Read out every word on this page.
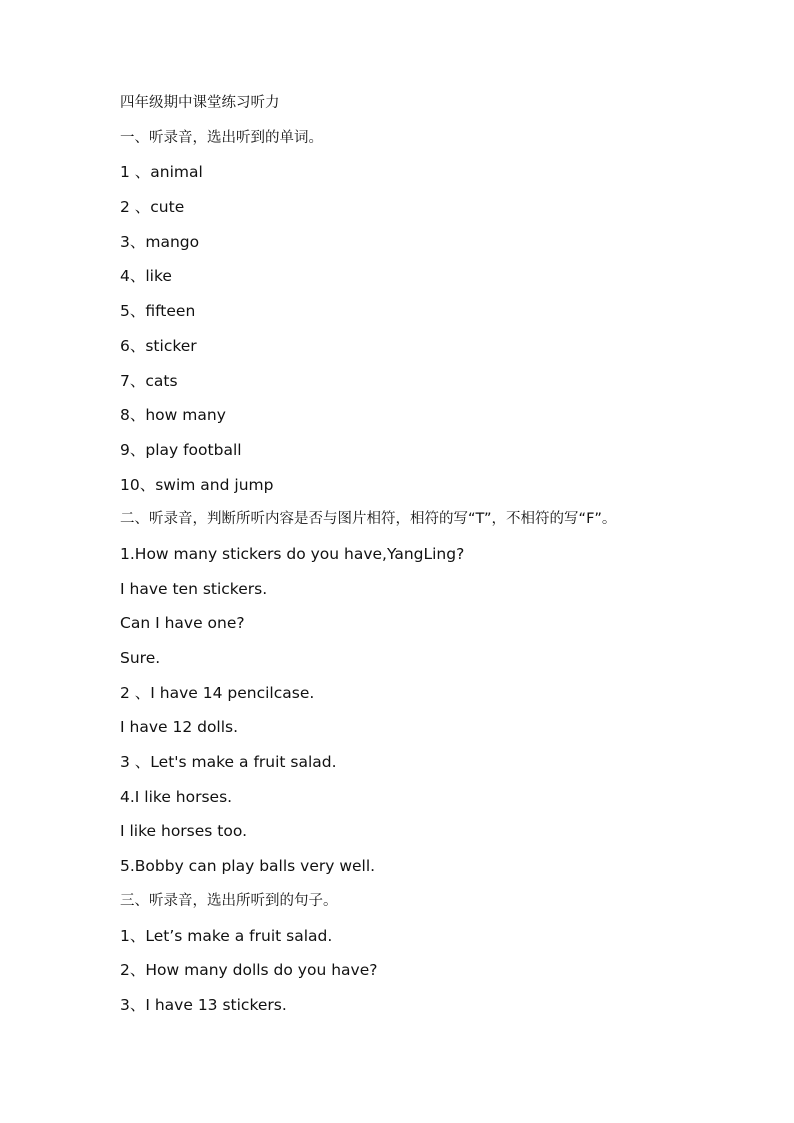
四年级期中课堂练习听力
一、听录音，选出听到的单词。
1 、animal
2 、cute
3、mango
4、like
5、fifteen
6、sticker
7、cats
8、how many
9、play football
10、swim and jump
二、听录音，判断所听内容是否与图片相符，相符的写“T”，不相符的写“F”。
1.How many stickers do you have,YangLing?
I have ten stickers.
Can I have one?
Sure.
2 、I have 14 pencilcase.
I have 12 dolls.
3 、Let's make a fruit salad.
4.I like horses.
I like horses too.
5.Bobby can play balls very well.
三、听录音，选出所听到的句子。
1、Let’s make a fruit salad.
2、How many dolls do you have?
3、I have 13 stickers.
